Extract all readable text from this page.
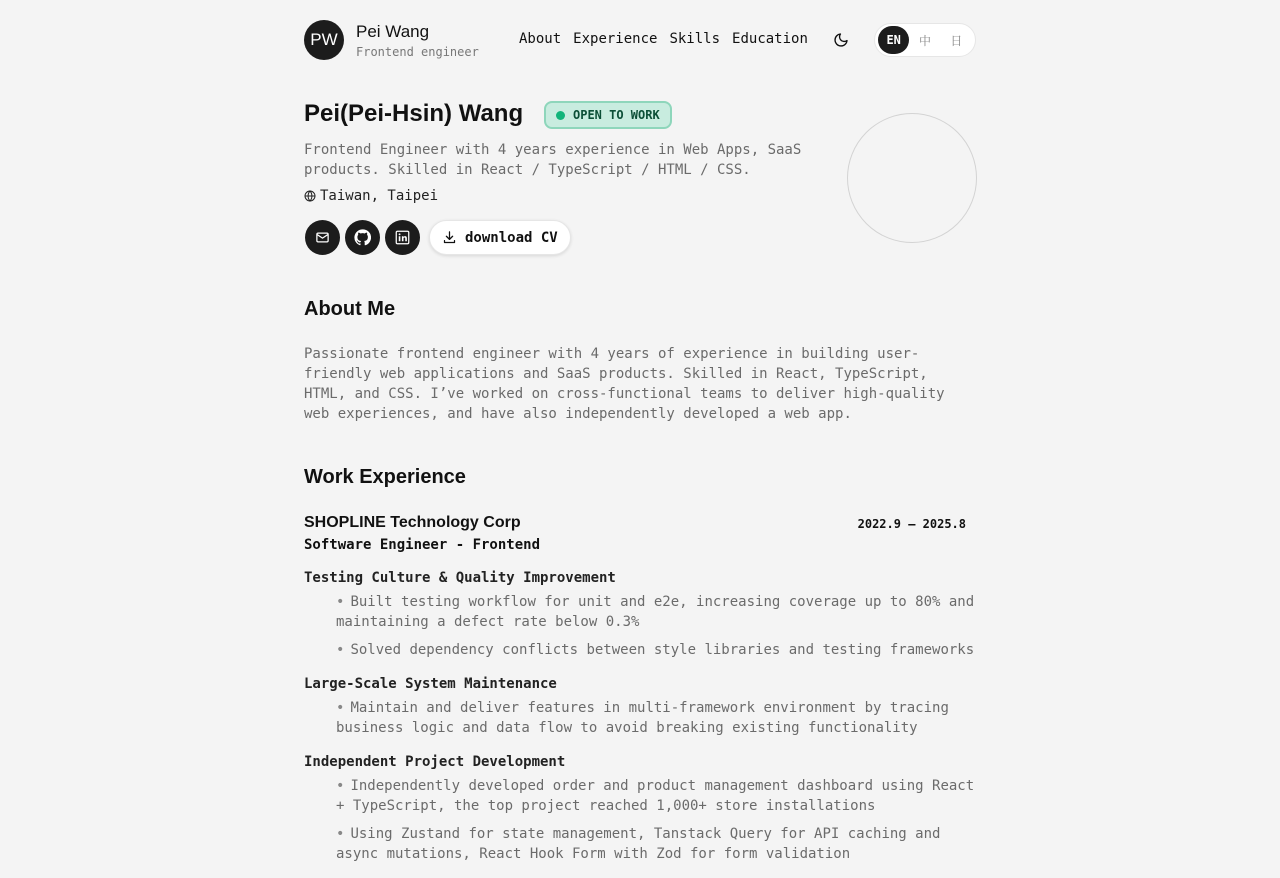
PW	Pei Wang
Frontend engineer
About Experience Skills Education	EN	中	日
Pei(Pei-Hsin) Wang	OPEN TO WORK

Frontend Engineer with 4 years experience in Web Apps, SaaS products. Skilled in React / TypeScript / HTML / CSS.

Taiwan, Taipei
download CV
About Me

Passionate frontend engineer with 4 years of experience in building user-friendly web applications and SaaS products. Skilled in React, TypeScript, HTML, and CSS. I’ve worked on cross-functional teams to deliver high-quality web experiences, and have also independently developed a web app.

Work Experience
SHOPLINE Technology Corp	2022.9 – 2025.8
Software Engineer - Frontend
Testing Culture & Quality Improvement
• Built testing workflow for unit and e2e, increasing coverage up to 80% and maintaining a defect rate below 0.3%
• Solved dependency conflicts between style libraries and testing frameworks
Large-Scale System Maintenance
• Maintain and deliver features in multi-framework environment by tracing business logic and data flow to avoid breaking existing functionality
Independent Project Development
• Independently developed order and product management dashboard using React + TypeScript, the top project reached 1,000+ store installations
• Using Zustand for state management, Tanstack Query for API caching and async mutations, React Hook Form with Zod for form validation
